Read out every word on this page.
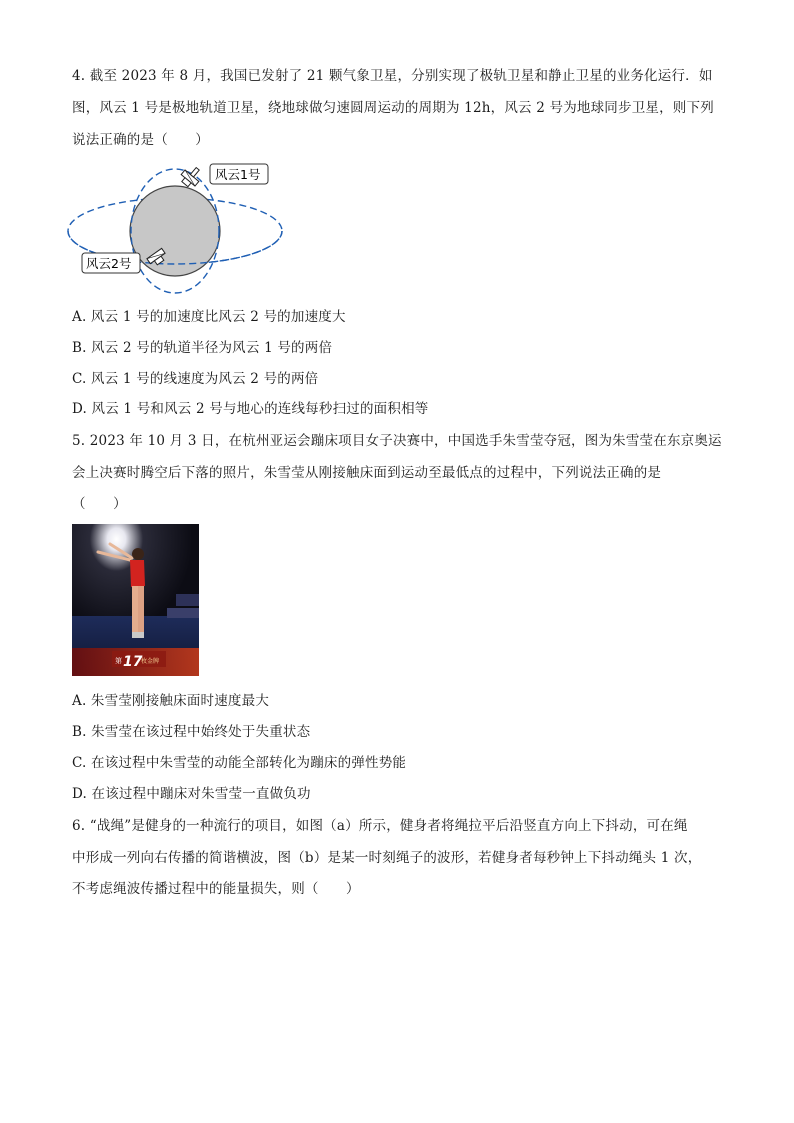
4. 截至 2023 年 8 月，我国已发射了 21 颗气象卫星，分别实现了极轨卫星和静止卫星的业务化运行．如
图，风云 1 号是极地轨道卫星，绕地球做匀速圆周运动的周期为 12h，风云 2 号为地球同步卫星，则下列
说法正确的是（　　）
风云1号
风云2号
A. 风云 1 号的加速度比风云 2 号的加速度大
B. 风云 2 号的轨道半径为风云 1 号的两倍
C. 风云 1 号的线速度为风云 2 号的两倍
D. 风云 1 号和风云 2 号与地心的连线每秒扫过的面积相等
5. 2023 年 10 月 3 日，在杭州亚运会蹦床项目女子决赛中，中国选手朱雪莹夺冠，图为朱雪莹在东京奥运
会上决赛时腾空后下落的照片，朱雪莹从刚接触床面到运动至最低点的过程中，下列说法正确的是
（　　）
第 17
枚金牌
A. 朱雪莹刚接触床面时速度最大
B. 朱雪莹在该过程中始终处于失重状态
C. 在该过程中朱雪莹的动能全部转化为蹦床的弹性势能
D. 在该过程中蹦床对朱雪莹一直做负功
6. “战绳”是健身的一种流行的项目，如图（a）所示，健身者将绳拉平后沿竖直方向上下抖动，可在绳
中形成一列向右传播的简谐横波，图（b）是某一时刻绳子的波形，若健身者每秒钟上下抖动绳头 1 次，
不考虑绳波传播过程中的能量损失，则（　　）
